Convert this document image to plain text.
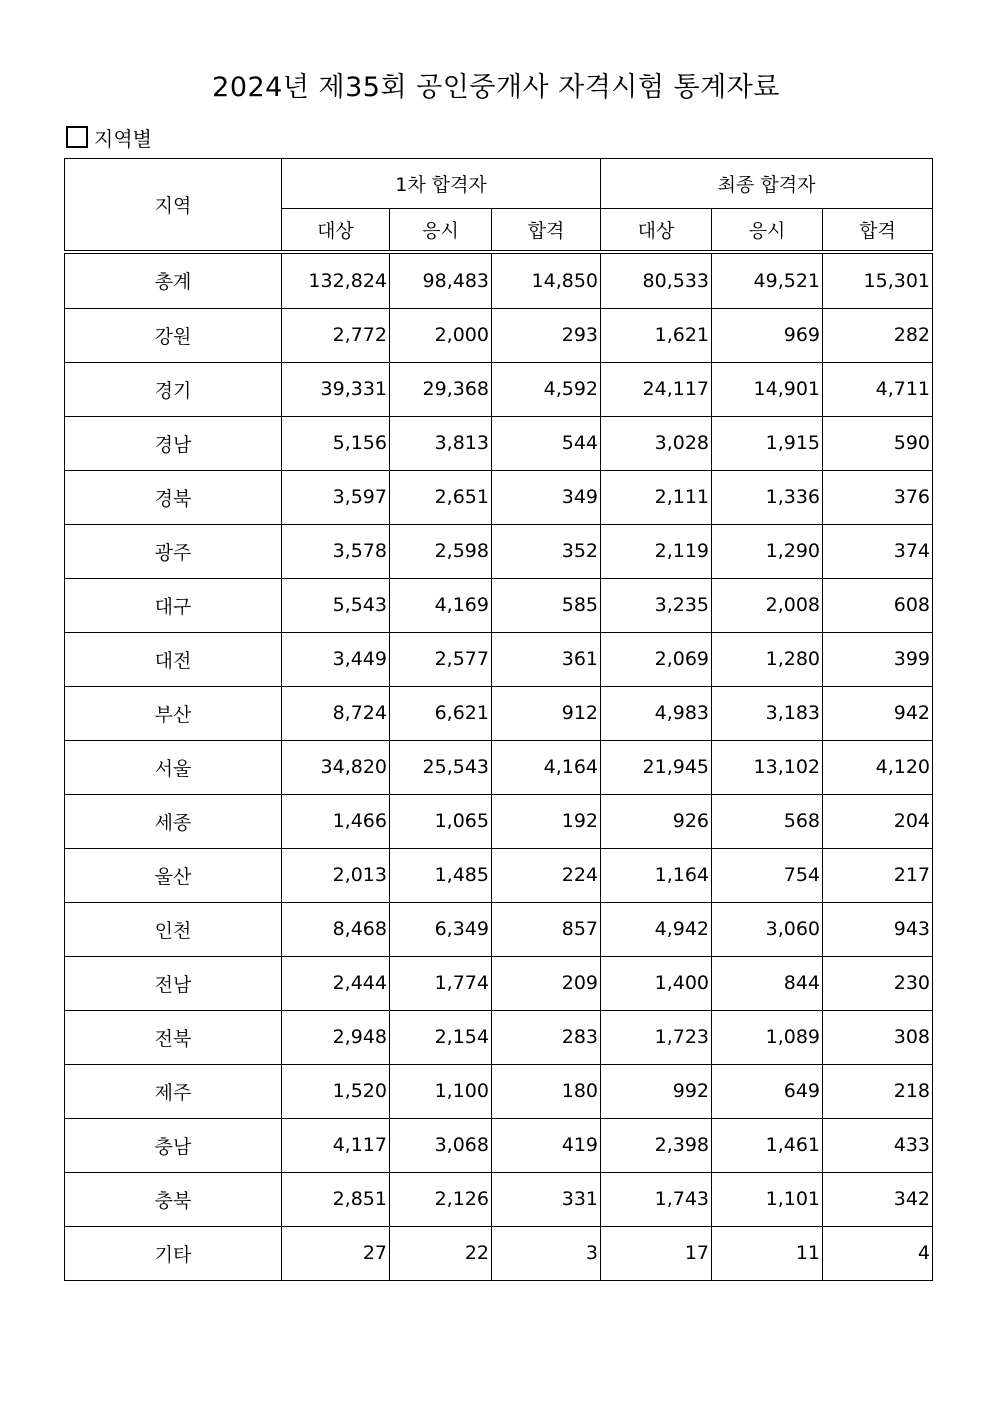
2024년 제35회 공인중개사 자격시험 통계자료
지역별
지역	1차 합격자			최종 합격자		
	대상	응시	합격	대상	응시	합격
총계	132,824	98,483	14,850	80,533	49,521	15,301
강원	2,772	2,000	293	1,621	969	282
경기	39,331	29,368	4,592	24,117	14,901	4,711
경남	5,156	3,813	544	3,028	1,915	590
경북	3,597	2,651	349	2,111	1,336	376
광주	3,578	2,598	352	2,119	1,290	374
대구	5,543	4,169	585	3,235	2,008	608
대전	3,449	2,577	361	2,069	1,280	399
부산	8,724	6,621	912	4,983	3,183	942
서울	34,820	25,543	4,164	21,945	13,102	4,120
세종	1,466	1,065	192	926	568	204
울산	2,013	1,485	224	1,164	754	217
인천	8,468	6,349	857	4,942	3,060	943
전남	2,444	1,774	209	1,400	844	230
전북	2,948	2,154	283	1,723	1,089	308
제주	1,520	1,100	180	992	649	218
충남	4,117	3,068	419	2,398	1,461	433
충북	2,851	2,126	331	1,743	1,101	342
기타	27	22	3	17	11	4
